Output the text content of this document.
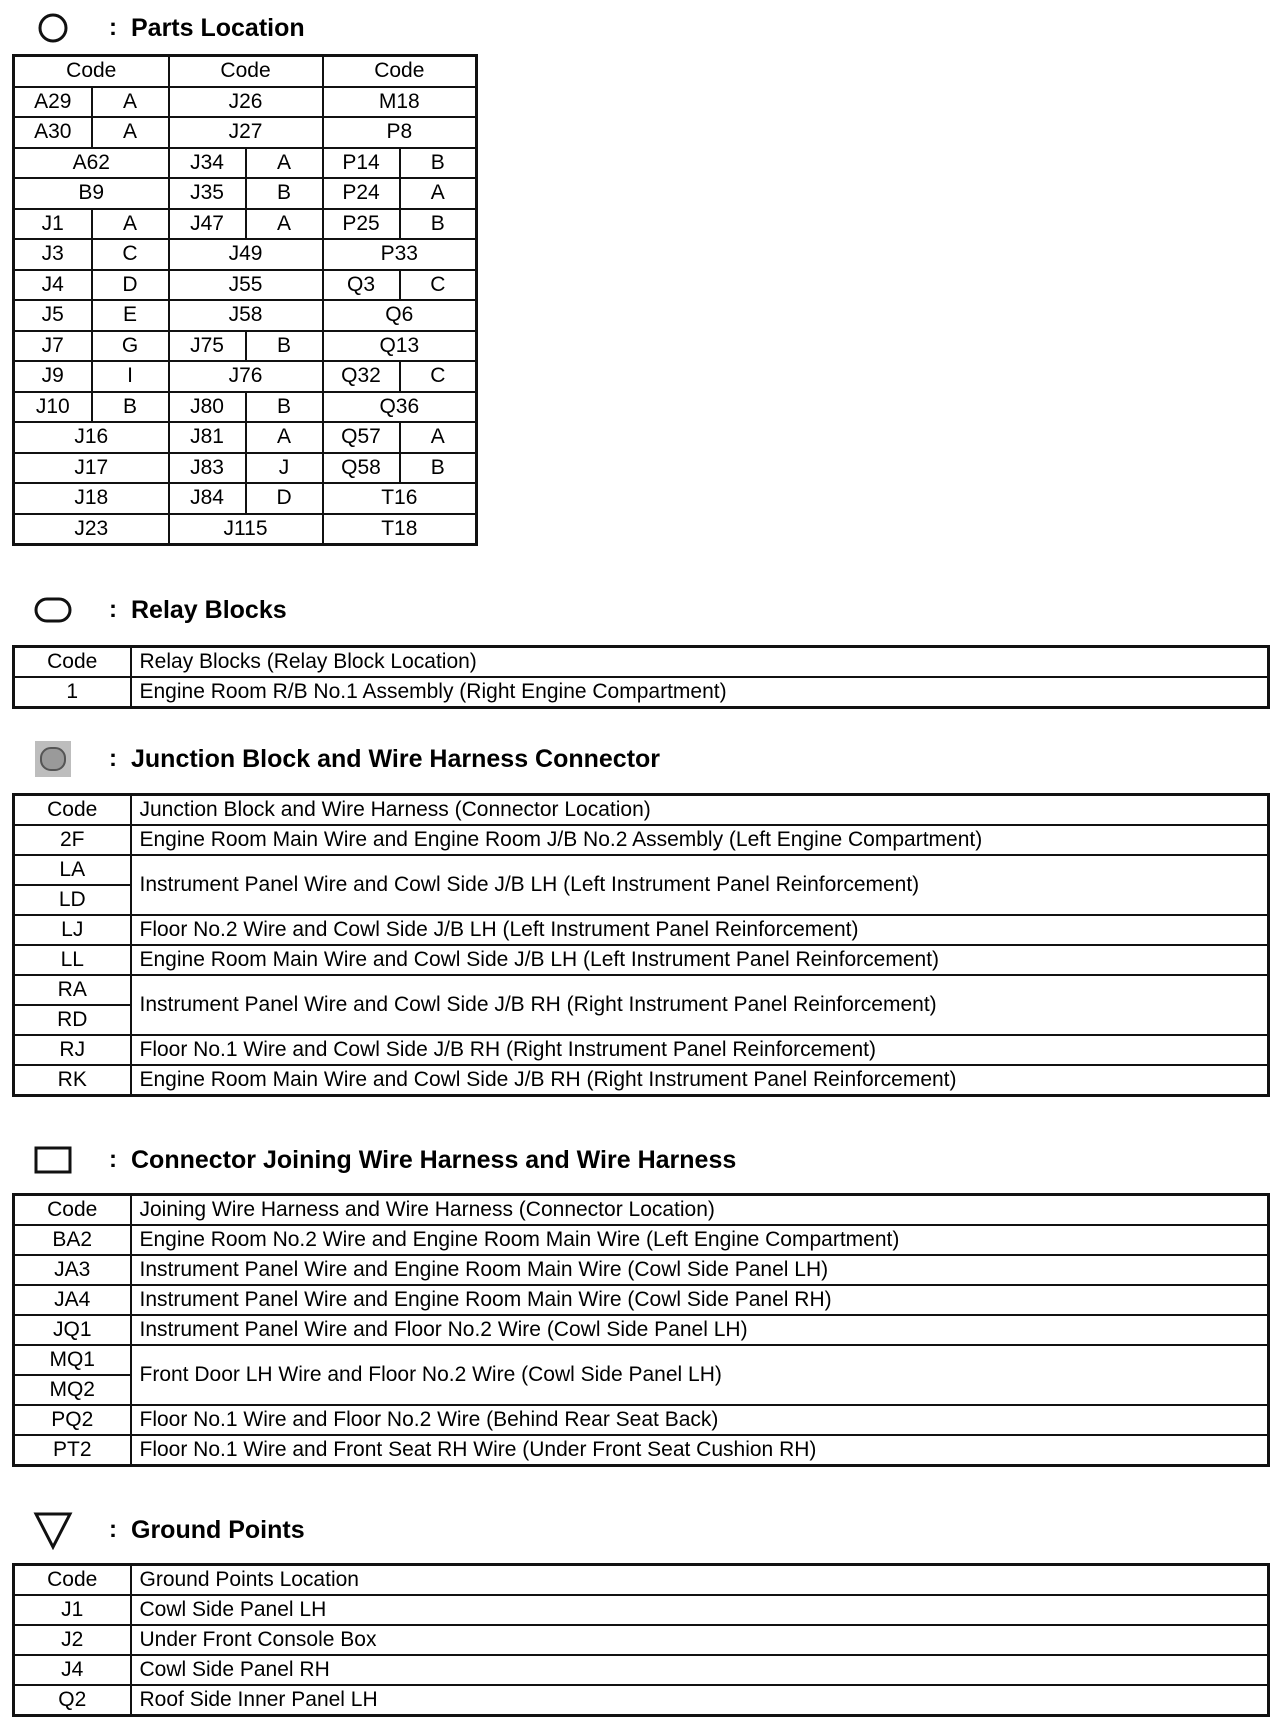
: Parts Location
Code		Code		Code	
A29	A	J26		M18	
A30	A	J27		P8	
A62		J34	A	P14	B
B9		J35	B	P24	A
J1	A	J47	A	P25	B
J3	C	J49		P33	
J4	D	J55		Q3	C
J5	E	J58		Q6	
J7	G	J75	B	Q13	
J9	I	J76		Q32	C
J10	B	J80	B	Q36	
J16		J81	A	Q57	A
J17		J83	J	Q58	B
J18		J84	D	T16	
J23		J115		T18	
: Relay Blocks
Code	Relay Blocks (Relay Block Location)
1	Engine Room R/B No.1 Assembly (Right Engine Compartment)
: Junction Block and Wire Harness Connector
Code	Junction Block and Wire Harness (Connector Location)
2F	Engine Room Main Wire and Engine Room J/B No.2 Assembly (Left Engine Compartment)
LA	Instrument Panel Wire and Cowl Side J/B LH (Left Instrument Panel Reinforcement)
LD	
LJ	Floor No.2 Wire and Cowl Side J/B LH (Left Instrument Panel Reinforcement)
LL	Engine Room Main Wire and Cowl Side J/B LH (Left Instrument Panel Reinforcement)
RA	Instrument Panel Wire and Cowl Side J/B RH (Right Instrument Panel Reinforcement)
RD	
RJ	Floor No.1 Wire and Cowl Side J/B RH (Right Instrument Panel Reinforcement)
RK	Engine Room Main Wire and Cowl Side J/B RH (Right Instrument Panel Reinforcement)
: Connector Joining Wire Harness and Wire Harness
Code	Joining Wire Harness and Wire Harness (Connector Location)
BA2	Engine Room No.2 Wire and Engine Room Main Wire (Left Engine Compartment)
JA3	Instrument Panel Wire and Engine Room Main Wire (Cowl Side Panel LH)
JA4	Instrument Panel Wire and Engine Room Main Wire (Cowl Side Panel RH)
JQ1	Instrument Panel Wire and Floor No.2 Wire (Cowl Side Panel LH)
MQ1	Front Door LH Wire and Floor No.2 Wire (Cowl Side Panel LH)
MQ2	
PQ2	Floor No.1 Wire and Floor No.2 Wire (Behind Rear Seat Back)
PT2	Floor No.1 Wire and Front Seat RH Wire (Under Front Seat Cushion RH)
: Ground Points
Code	Ground Points Location
J1	Cowl Side Panel LH
J2	Under Front Console Box
J4	Cowl Side Panel RH
Q2	Roof Side Inner Panel LH
